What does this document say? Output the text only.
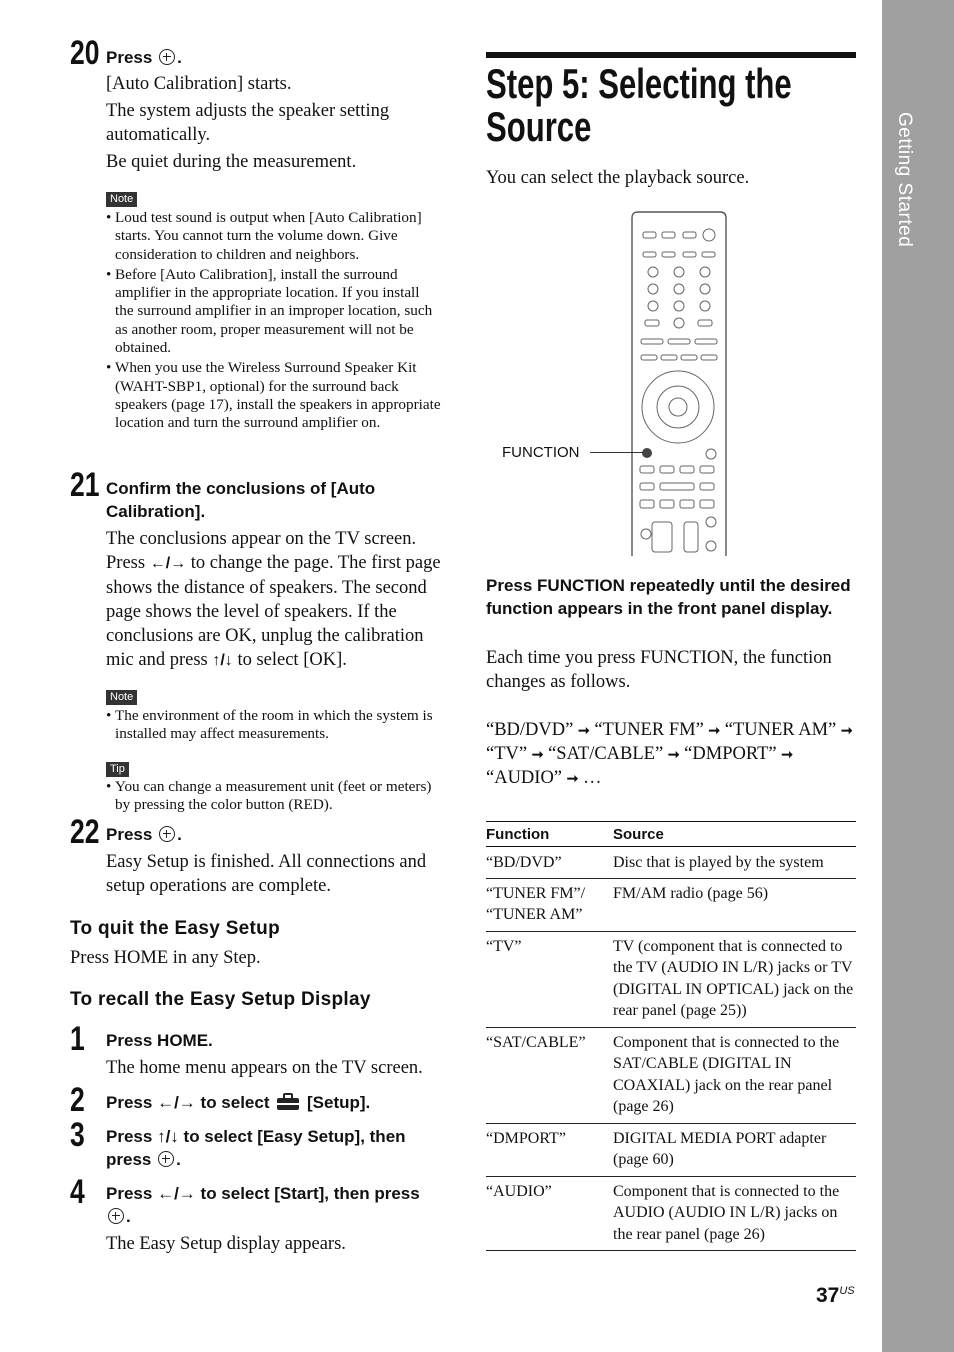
Getting Started
20 Press .
[Auto Calibration] starts.
The system adjusts the speaker setting automatically.
Be quiet during the measurement.
Note
• Loud test sound is output when [Auto Calibration] starts. You cannot turn the volume down. Give consideration to children and neighbors.
• Before [Auto Calibration], install the surround amplifier in the appropriate location. If you install the surround amplifier in an improper location, such as another room, proper measurement will not be obtained.
• When you use the Wireless Surround Speaker Kit (WAHT-SBP1, optional) for the surround back speakers (page 17), install the speakers in appropriate location and turn the surround amplifier on.
21 Confirm the conclusions of [Auto Calibration].
The conclusions appear on the TV screen. Press ←/→ to change the page. The first page shows the distance of speakers. The second page shows the level of speakers. If the conclusions are OK, unplug the calibration mic and press ↑/↓ to select [OK].
Note
• The environment of the room in which the system is installed may affect measurements.
Tip
• You can change a measurement unit (feet or meters) by pressing the color button (RED).
22 Press .
Easy Setup is finished. All connections and setup operations are complete.
To quit the Easy Setup
Press HOME in any Step.
To recall the Easy Setup Display
1 Press HOME.
The home menu appears on the TV screen.
2 Press ←/→ to select [Setup].
3 Press ↑/↓ to select [Easy Setup], then
press .
4 Press ←/→ to select [Start], then press
.
The Easy Setup display appears.
Step 5: Selecting the
Source
You can select the playback source.
FUNCTION
Press FUNCTION repeatedly until the desired function appears in the front panel display.
Each time you press FUNCTION, the function changes as follows.
“BD/DVD” ➞ “TUNER FM” ➞ “TUNER AM” ➞ “TV” ➞ “SAT/CABLE” ➞ “DMPORT” ➞ “AUDIO” ➞ …
Function	Source
“BD/DVD”	Disc that is played by the system
“TUNER FM”/ “TUNER AM”	FM/AM radio (page 56)
“TV”	TV (component that is connected to the TV (AUDIO IN L/R) jacks or TV (DIGITAL IN OPTICAL) jack on the rear panel (page 25))
“SAT/CABLE”	Component that is connected to the SAT/CABLE (DIGITAL IN COAXIAL) jack on the rear panel (page 26)
“DMPORT”	DIGITAL MEDIA PORT adapter (page 60)
“AUDIO”	Component that is connected to the AUDIO (AUDIO IN L/R) jacks on the rear panel (page 26)
$37^{US}$
